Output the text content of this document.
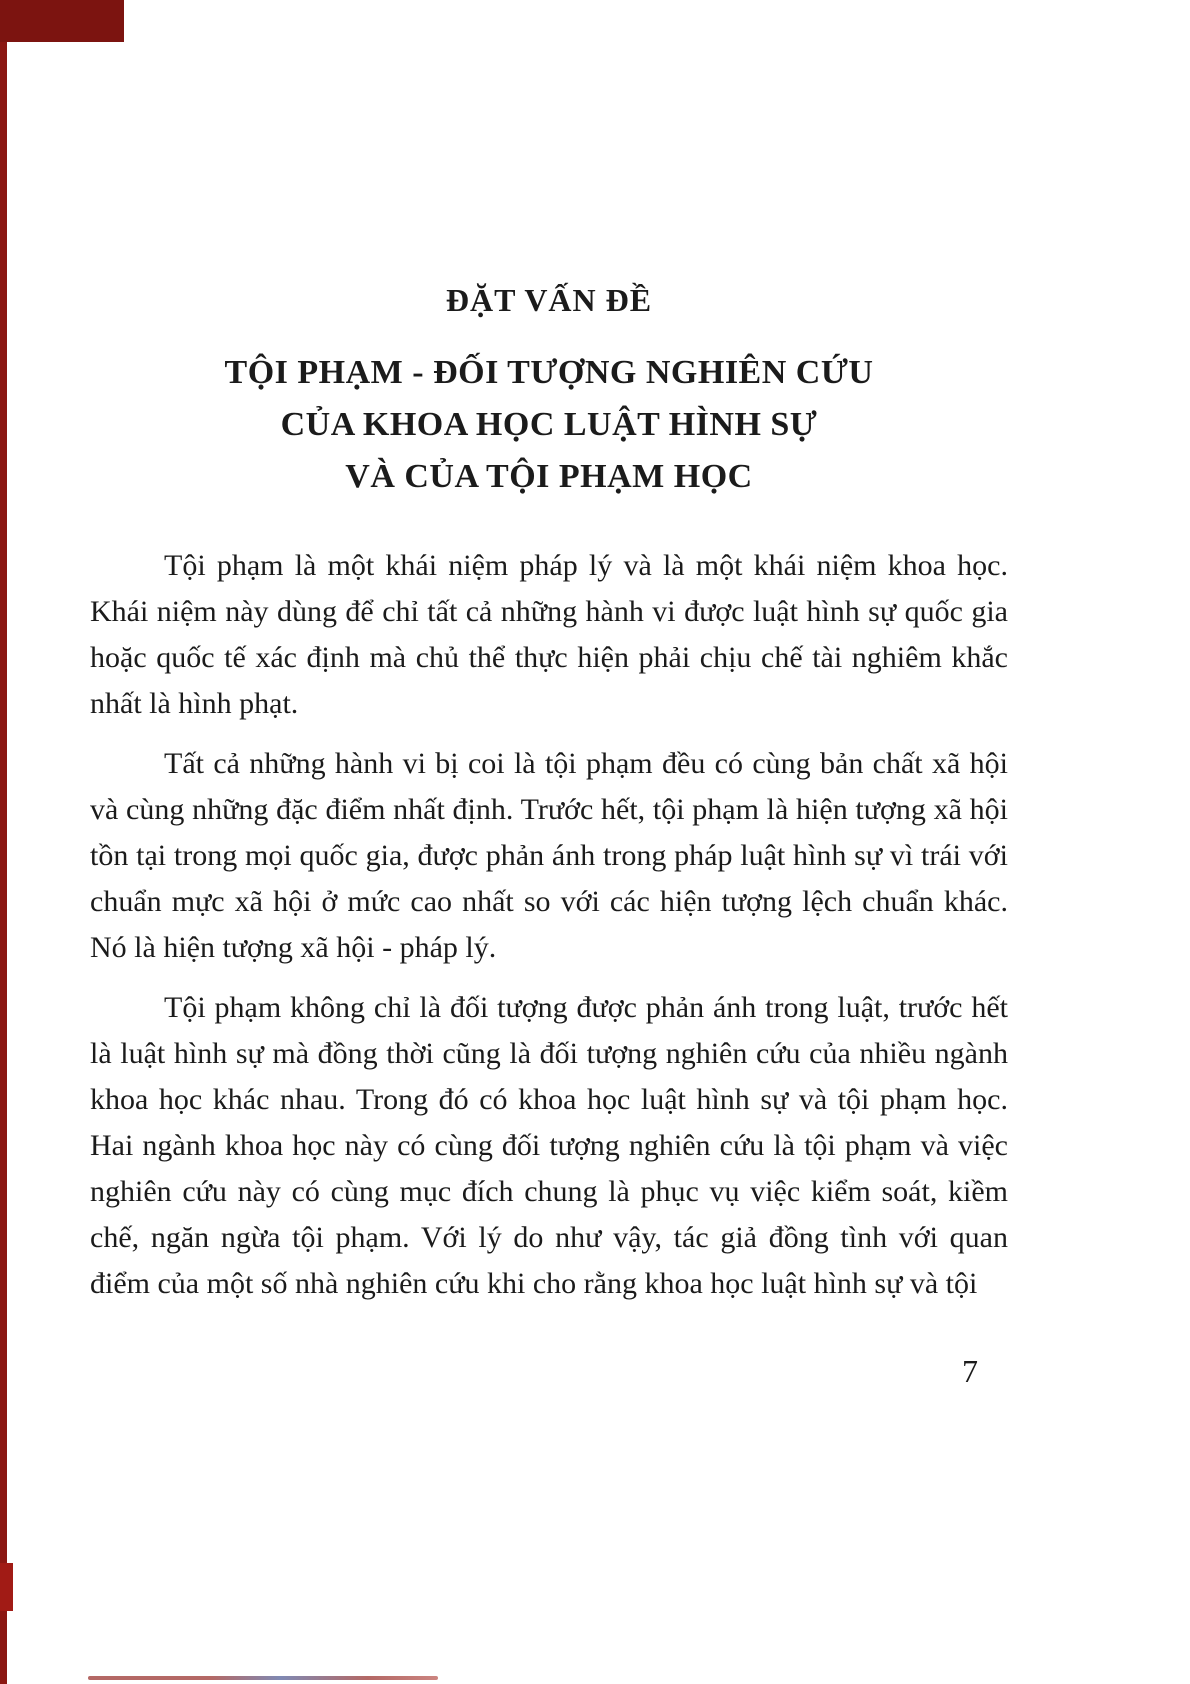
ĐẶT VẤN ĐỀ
TỘI PHẠM - ĐỐI TƯỢNG NGHIÊN CỨU
CỦA KHOA HỌC LUẬT HÌNH SỰ
VÀ CỦA TỘI PHẠM HỌC

Tội phạm là một khái niệm pháp lý và là một khái niệm khoa học. Khái niệm này dùng để chỉ tất cả những hành vi được luật hình sự quốc gia hoặc quốc tế xác định mà chủ thể thực hiện phải chịu chế tài nghiêm khắc nhất là hình phạt.

Tất cả những hành vi bị coi là tội phạm đều có cùng bản chất xã hội và cùng những đặc điểm nhất định. Trước hết, tội phạm là hiện tượng xã hội tồn tại trong mọi quốc gia, được phản ánh trong pháp luật hình sự vì trái với chuẩn mực xã hội ở mức cao nhất so với các hiện tượng lệch chuẩn khác. Nó là hiện tượng xã hội - pháp lý.

Tội phạm không chỉ là đối tượng được phản ánh trong luật, trước hết là luật hình sự mà đồng thời cũng là đối tượng nghiên cứu của nhiều ngành khoa học khác nhau. Trong đó có khoa học luật hình sự và tội phạm học. Hai ngành khoa học này có cùng đối tượng nghiên cứu là tội phạm và việc nghiên cứu này có cùng mục đích chung là phục vụ việc kiểm soát, kiềm chế, ngăn ngừa tội phạm. Với lý do như vậy, tác giả đồng tình với quan điểm của một số nhà nghiên cứu khi cho rằng khoa học luật hình sự và tội

7
